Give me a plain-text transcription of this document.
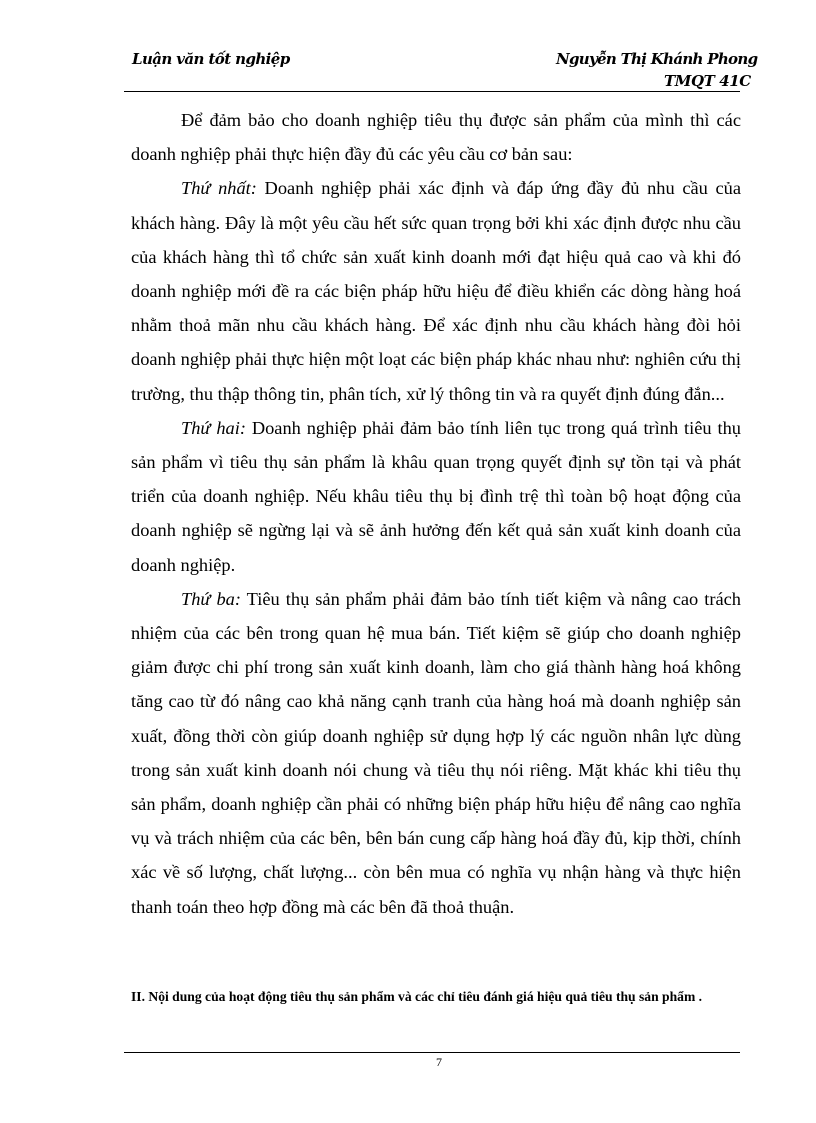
Luận văn tốt nghiệp	Nguyễn Thị Khánh Phong
TMQT 41C

Để đảm bảo cho doanh nghiệp tiêu thụ được sản phẩm của mình thì các doanh nghiệp phải thực hiện đầy đủ các yêu cầu cơ bản sau:

Thứ nhất: Doanh nghiệp phải xác định và đáp ứng đầy đủ nhu cầu của khách hàng. Đây là một yêu cầu hết sức quan trọng bởi khi xác định được nhu cầu của khách hàng thì tổ chức sản xuất kinh doanh mới đạt hiệu quả cao và khi đó doanh nghiệp mới đề ra các biện pháp hữu hiệu để điều khiển các dòng hàng hoá nhằm thoả mãn nhu cầu khách hàng. Để xác định nhu cầu khách hàng đòi hỏi doanh nghiệp phải thực hiện một loạt các biện pháp khác nhau như: nghiên cứu thị trường, thu thập thông tin, phân tích, xử lý thông tin và ra quyết định đúng đắn...

Thứ hai: Doanh nghiệp phải đảm bảo tính liên tục trong quá trình tiêu thụ sản phẩm vì tiêu thụ sản phẩm là khâu quan trọng quyết định sự tồn tại và phát triển của doanh nghiệp. Nếu khâu tiêu thụ bị đình trệ thì toàn bộ hoạt động của doanh nghiệp sẽ ngừng lại và sẽ ảnh hưởng đến kết quả sản xuất kinh doanh của doanh nghiệp.

Thứ ba: Tiêu thụ sản phẩm phải đảm bảo tính tiết kiệm và nâng cao trách nhiệm của các bên trong quan hệ mua bán. Tiết kiệm sẽ giúp cho doanh nghiệp giảm được chi phí trong sản xuất kinh doanh, làm cho giá thành hàng hoá không tăng cao từ đó nâng cao khả năng cạnh tranh của hàng hoá mà doanh nghiệp sản xuất, đồng thời còn giúp doanh nghiệp sử dụng hợp lý các nguồn nhân lực dùng trong sản xuất kinh doanh nói chung và tiêu thụ nói riêng. Mặt khác khi tiêu thụ sản phẩm, doanh nghiệp cần phải có những biện pháp hữu hiệu để nâng cao nghĩa vụ và trách nhiệm của các bên, bên bán cung cấp hàng hoá đầy đủ, kịp thời, chính xác về số lượng, chất lượng... còn bên mua có nghĩa vụ nhận hàng và thực hiện thanh toán theo hợp đồng mà các bên đã thoả thuận.

II. Nội dung của hoạt động tiêu thụ sản phẩm và các chỉ tiêu đánh giá hiệu quả tiêu thụ sản phẩm .
7
